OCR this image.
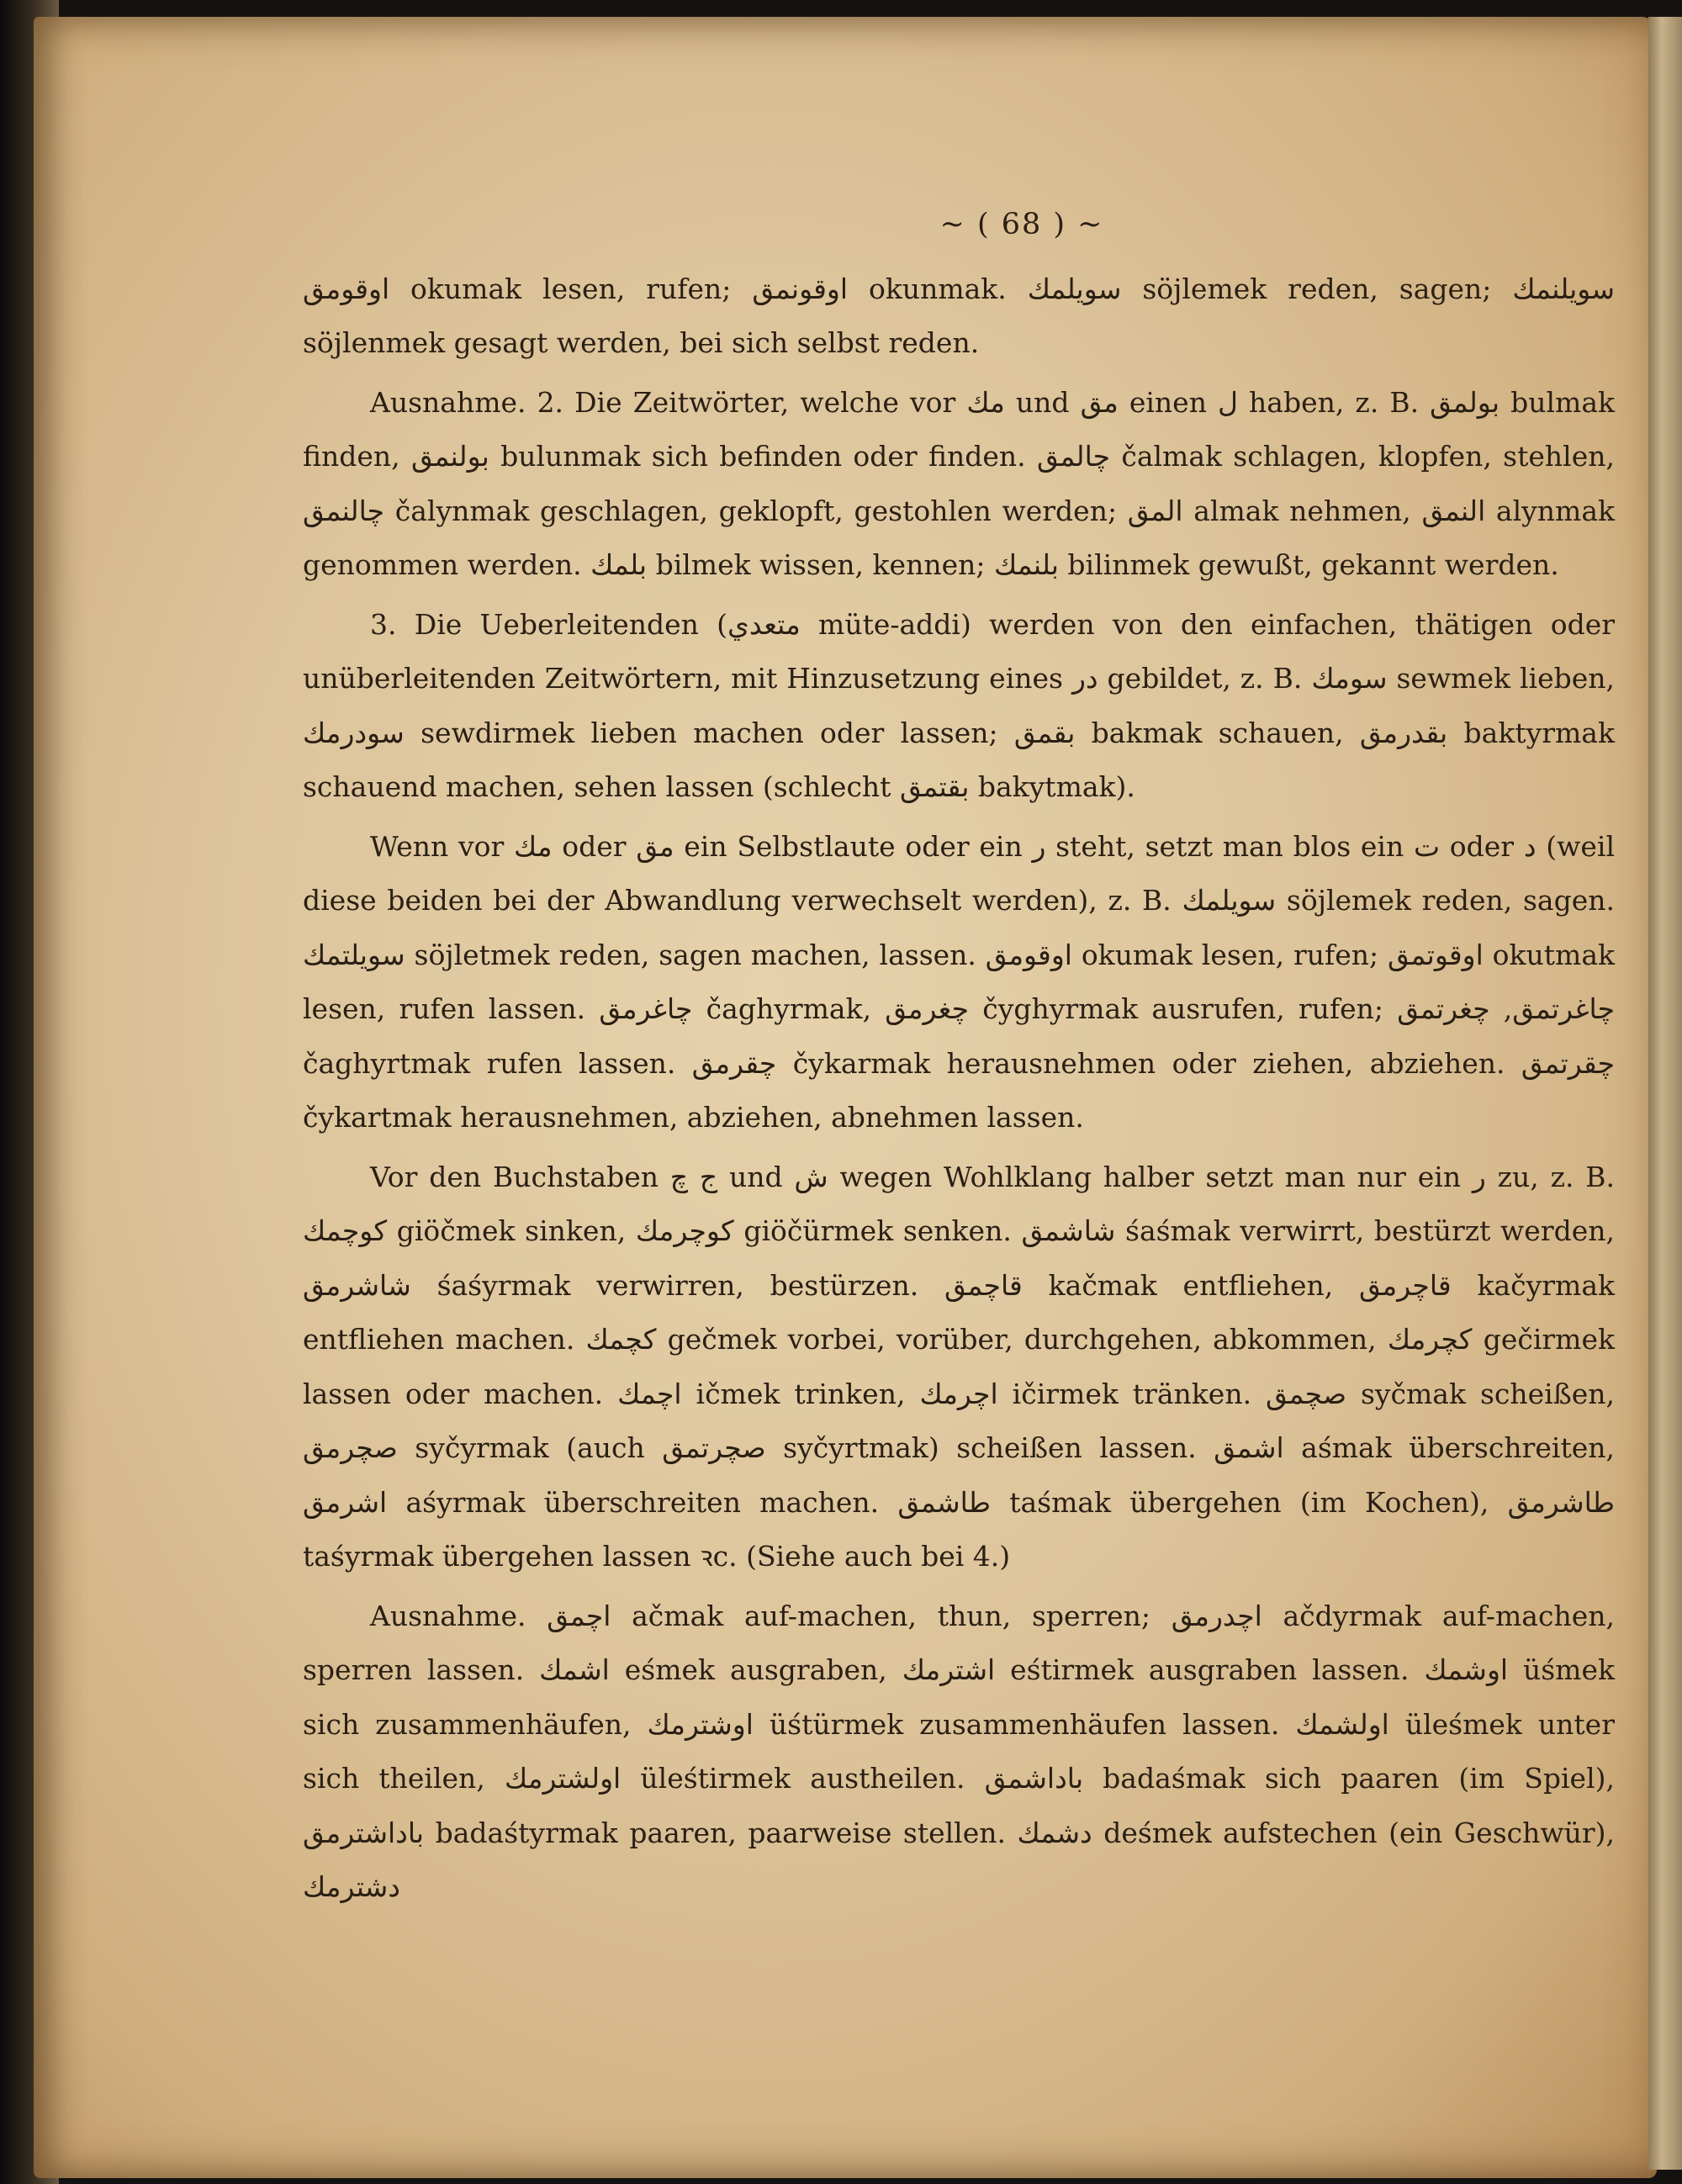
~ ( 68 ) ~

اوقومق okumak lesen, rufen; اوقونمق okunmak. سويلمك söjlemek reden, sagen; سويلنمك söjlenmek gesagt werden, bei sich selbst reden.

Ausnahme. 2. Die Zeitwörter, welche vor مك und مق einen ل haben, z. B. بولمق bulmak finden, بولنمق bulunmak sich befinden oder finden. چالمق čalmak schlagen, klopfen, stehlen, چالنمق čalynmak geschlagen, geklopft, gestohlen werden; المق almak nehmen, النمق alynmak genommen werden. بلمك bilmek wissen, kennen; بلنمك bilinmek gewußt, gekannt werden.

3. Die Ueberleitenden (متعدي müte-addi) werden von den einfachen, thätigen oder unüberleitenden Zeitwörtern, mit Hinzusetzung eines در gebildet, z. B. سومك sewmek lieben, سودرمك sewdirmek lieben machen oder lassen; بقمق bakmak schauen, بقدرمق baktyrmak schauend machen, sehen lassen (schlecht بقتمق bakytmak).

Wenn vor مك oder مق ein Selbstlaute oder ein ر steht, setzt man blos ein ت oder د (weil diese beiden bei der Abwandlung verwechselt werden), z. B. سويلمك söjlemek reden, sagen. سويلتمك söjletmek reden, sagen machen, lassen. اوقومق okumak lesen, rufen; اوقوتمق okutmak lesen, rufen lassen. چاغرمق čaghyrmak, چغرمق čyghyrmak ausrufen, rufen; چاغرتمق, چغرتمق čaghyrtmak rufen lassen. چقرمق čykarmak herausnehmen oder ziehen, abziehen. چقرتمق čykartmak herausnehmen, abziehen, abnehmen lassen.

Vor den Buchstaben ج چ und ش wegen Wohlklang halber setzt man nur ein ر zu, z. B. كوچمك giöčmek sinken, كوچرمك giöčürmek senken. شاشمق śaśmak verwirrt, bestürzt werden, شاشرمق śaśyrmak verwirren, bestürzen. قاچمق kačmak entfliehen, قاچرمق kačyrmak entfliehen machen. كچمك gečmek vorbei, vorüber, durchgehen, abkommen, كچرمك gečirmek lassen oder machen. اچمك ičmek trinken, اچرمك ičirmek tränken. صچمق syčmak scheißen, صچرمق syčyrmak (auch صچرتمق syčyrtmak) scheißen lassen. اشمق aśmak überschreiten, اشرمق aśyrmak überschreiten machen. طاشمق taśmak übergehen (im Kochen), طاشرمق taśyrmak übergehen lassen ꝛc. (Siehe auch bei 4.)

Ausnahme. اچمق ačmak auf-machen, thun, sperren; اچدرمق ačdyrmak auf-machen, sperren lassen. اشمك eśmek ausgraben, اشترمك eśtirmek ausgraben lassen. اوشمك üśmek sich zusammenhäufen, اوشترمك üśtürmek zusammenhäufen lassen. اولشمك üleśmek unter sich theilen, اولشترمك üleśtirmek austheilen. باداشمق badaśmak sich paaren (im Spiel), باداشترمق badaśtyrmak paaren, paarweise stellen. دشمك deśmek aufstechen (ein Geschwür), دشترمك
